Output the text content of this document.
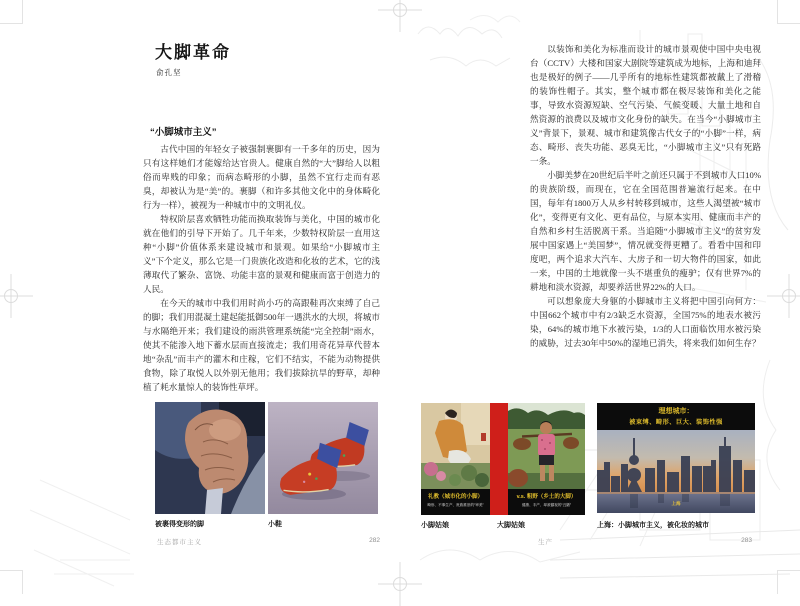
大脚革命
俞孔坚
“小脚城市主义”

古代中国的年轻女子被强制裹脚有一千多年的历史，因为只有这样她们才能嫁给达官贵人。健康自然的“大”脚给人以粗俗而卑贱的印象；而病态畸形的小脚，虽然不宜行走而有恶臭，却被认为是“美”的。裹脚（和许多其他文化中的身体畸化行为一样），被视为一种城市中的文明礼仪。

特权阶层喜欢牺牲功能而换取装饰与美化，中国的城市化就在他们的引导下开始了。几千年来，少数特权阶层一直用这种“小脚”价值体系来建设城市和景观。如果给“小脚城市主义”下个定义，那么它是一门贵族化改造和化妆的艺术，它的浅薄取代了繁杂、富饶、功能丰富的景观和健康而富于创造力的人民。

在今天的城市中我们用时尚小巧的高跟鞋再次束缚了自己的脚；我们用混凝土建起能抵御500年一遇洪水的大坝，将城市与水隔绝开来；我们建设的雨洪管理系统能“完全控制”雨水，使其不能渗入地下蓄水层而直接流走；我们用奇花异草代替本地“杂乱”而丰产的灌木和庄稼，它们不结实，不能为动物提供食物，除了取悦人以外别无他用；我们拔除抗旱的野草，却种植了耗水量惊人的装饰性草坪。

被裹得变形的脚	小鞋
生态都市主义	282

以装饰和美化为标准而设计的城市景观使中国中央电视台（CCTV）大楼和国家大剧院等建筑成为地标，上海和迪拜也是极好的例子——几乎所有的地标性建筑都被戴上了滑稽的装饰性帽子。其实，整个城市都在极尽装饰和美化之能事，导致水资源短缺、空气污染、气候变暖、大量土地和自然资源的浪费以及城市文化身份的缺失。在当今“小脚城市主义”背景下，景观、城市和建筑像古代女子的“小脚”一样，病态、畸形、丧失功能、恶臭无比，“小脚城市主义”只有死路一条。

小脚美梦在20世纪后半叶之前还只属于不到城市人口10%的贵族阶级，而现在，它在全国范围普遍流行起来。在中国，每年有1800万人从乡村转移到城市，这些人渴望被“城市化”，变得更有文化、更有品位，与原本实用、健康而丰产的自然和乡村生活脱离干系。当追随“小脚城市主义”的贫穷发展中国家遇上“美国梦”，情况就变得更糟了。看看中国和印度吧，两个追求大汽车、大房子和一切大物件的国家，如此一来，中国的土地就像一头不堪重负的瘦驴；仅有世界7%的耕地和淡水资源，却要养活世界22%的人口。

可以想象庞大身躯的小脚城市主义将把中国引向何方：中国662个城市中有2/3缺乏水资源，全国75%的地表水被污染，64%的城市地下水被污染，1/3的人口面临饮用水被污染的威胁，过去30年中50%的湿地已消失，将来我们如何生存？

礼教（城市化的小脚）
畸形、不事生产、贵族推崇的“审美”
v.s. 粗野（乡土的大脚）
健康、丰产、却被鄙视的“丑陋”
理想城市：
被束缚、畸形、巨大、装饰性强
上海
小脚姑娘	大脚姑娘	上海：小脚城市主义，被化妆的城市
生产	283
